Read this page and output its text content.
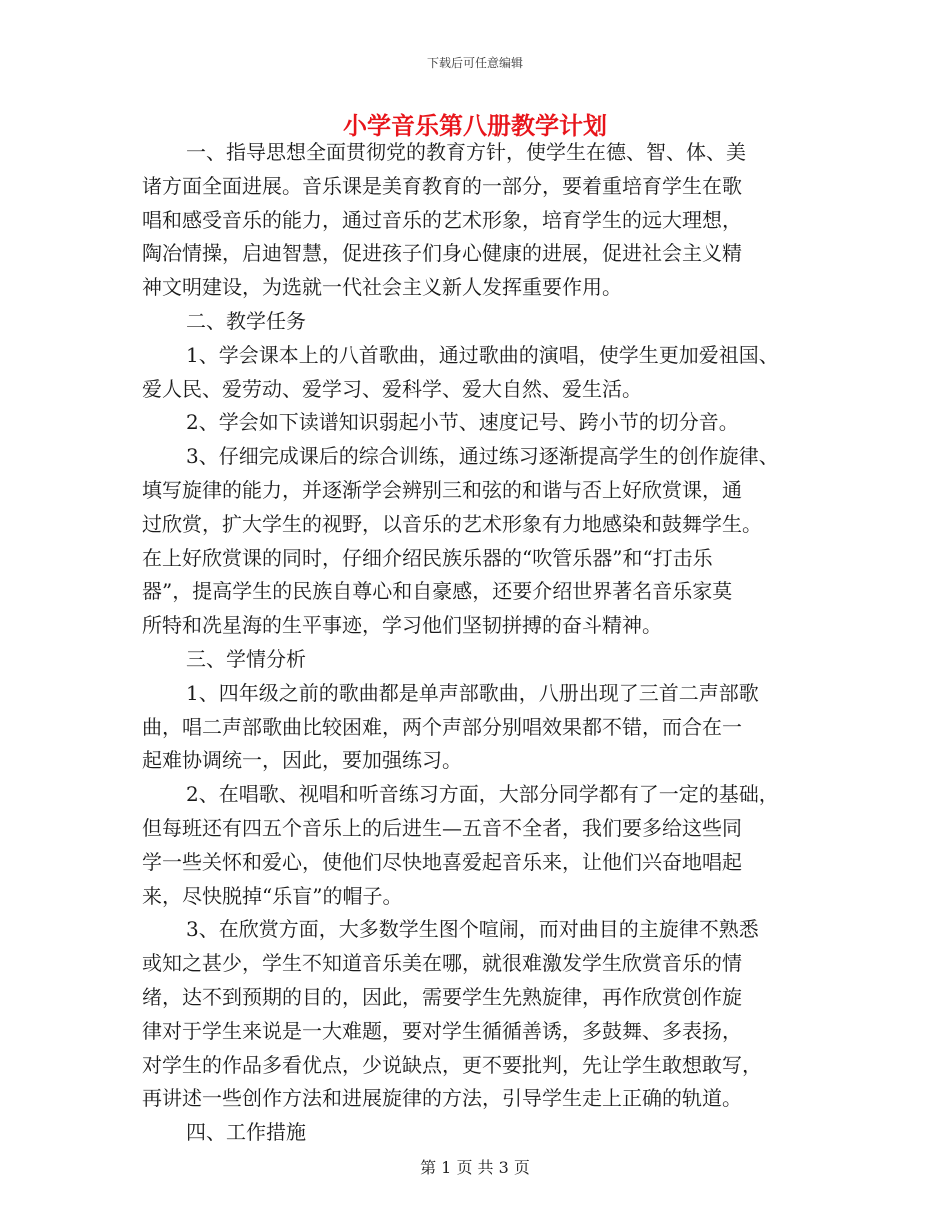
下载后可任意编辑
小学音乐第八册教学计划
一、指导思想全面贯彻党的教育方针，使学生在德、智、体、美
诸方面全面进展。音乐课是美育教育的一部分，要着重培育学生在歌
唱和感受音乐的能力，通过音乐的艺术形象，培育学生的远大理想，
陶冶情操，启迪智慧，促进孩子们身心健康的进展，促进社会主义精
神文明建设，为选就一代社会主义新人发挥重要作用。
二、教学任务
1、学会课本上的八首歌曲，通过歌曲的演唱，使学生更加爱祖国、
爱人民、爱劳动、爱学习、爱科学、爱大自然、爱生活。
2、学会如下读谱知识弱起小节、速度记号、跨小节的切分音。
3、仔细完成课后的综合训练，通过练习逐渐提高学生的创作旋律、
填写旋律的能力，并逐渐学会辨别三和弦的和谐与否上好欣赏课，通
过欣赏，扩大学生的视野，以音乐的艺术形象有力地感染和鼓舞学生。
在上好欣赏课的同时，仔细介绍民族乐器的“吹管乐器”和“打击乐
器”，提高学生的民族自尊心和自豪感，还要介绍世界著名音乐家莫
所特和冼星海的生平事迹，学习他们坚韧拼搏的奋斗精神。
三、学情分析
1、四年级之前的歌曲都是单声部歌曲，八册出现了三首二声部歌
曲，唱二声部歌曲比较困难，两个声部分别唱效果都不错，而合在一
起难协调统一，因此，要加强练习。
2、在唱歌、视唱和听音练习方面，大部分同学都有了一定的基础，
但每班还有四五个音乐上的后进生—五音不全者，我们要多给这些同
学一些关怀和爱心，使他们尽快地喜爱起音乐来，让他们兴奋地唱起
来，尽快脱掉“乐盲”的帽子。
3、在欣赏方面，大多数学生图个喧闹，而对曲目的主旋律不熟悉
或知之甚少，学生不知道音乐美在哪，就很难激发学生欣赏音乐的情
绪，达不到预期的目的，因此，需要学生先熟旋律，再作欣赏创作旋
律对于学生来说是一大难题，要对学生循循善诱，多鼓舞、多表扬，
对学生的作品多看优点，少说缺点，更不要批判，先让学生敢想敢写，
再讲述一些创作方法和进展旋律的方法，引导学生走上正确的轨道。
四、工作措施
第 1 页 共 3 页
